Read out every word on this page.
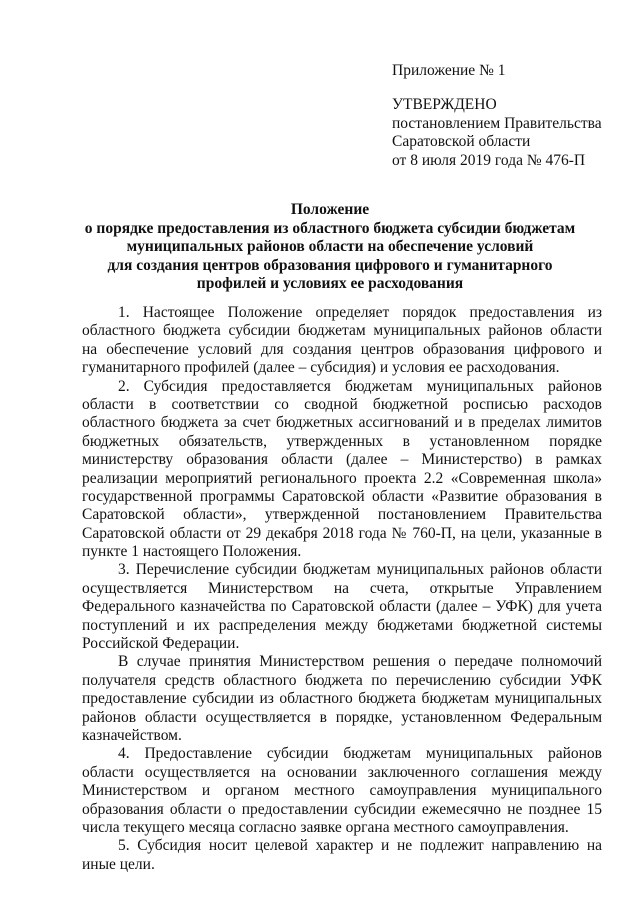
Приложение № 1
УТВЕРЖДЕНО
постановлением Правительства
Саратовской области
от 8 июля 2019 года № 476-П
Положение
о порядке предоставления из областного бюджета субсидии бюджетам
муниципальных районов области на обеспечение условий
для создания центров образования цифрового и гуманитарного
профилей и условиях ее расходования
1. Настоящее Положение определяет порядок предоставления из
областного бюджета субсидии бюджетам муниципальных районов области
на обеспечение условий для создания центров образования цифрового и
гуманитарного профилей (далее – субсидия) и условия ее расходования.
2. Субсидия предоставляется бюджетам муниципальных районов
области в соответствии со сводной бюджетной росписью расходов
областного бюджета за счет бюджетных ассигнований и в пределах лимитов
бюджетных обязательств, утвержденных в установленном порядке
министерству образования области (далее – Министерство) в рамках
реализации мероприятий регионального проекта 2.2 «Современная школа»
государственной программы Саратовской области «Развитие образования в
Саратовской области», утвержденной постановлением Правительства
Саратовской области от 29 декабря 2018 года № 760-П, на цели, указанные в
пункте 1 настоящего Положения.
3. Перечисление субсидии бюджетам муниципальных районов области
осуществляется Министерством на счета, открытые Управлением
Федерального казначейства по Саратовской области (далее – УФК) для учета
поступлений и их распределения между бюджетами бюджетной системы
Российской Федерации.
В случае принятия Министерством решения о передаче полномочий
получателя средств областного бюджета по перечислению субсидии УФК
предоставление субсидии из областного бюджета бюджетам муниципальных
районов области осуществляется в порядке, установленном Федеральным
казначейством.
4. Предоставление субсидии бюджетам муниципальных районов
области осуществляется на основании заключенного соглашения между
Министерством и органом местного самоуправления муниципального
образования области о предоставлении субсидии ежемесячно не позднее 15
числа текущего месяца согласно заявке органа местного самоуправления.
5. Субсидия носит целевой характер и не подлежит направлению на
иные цели.
